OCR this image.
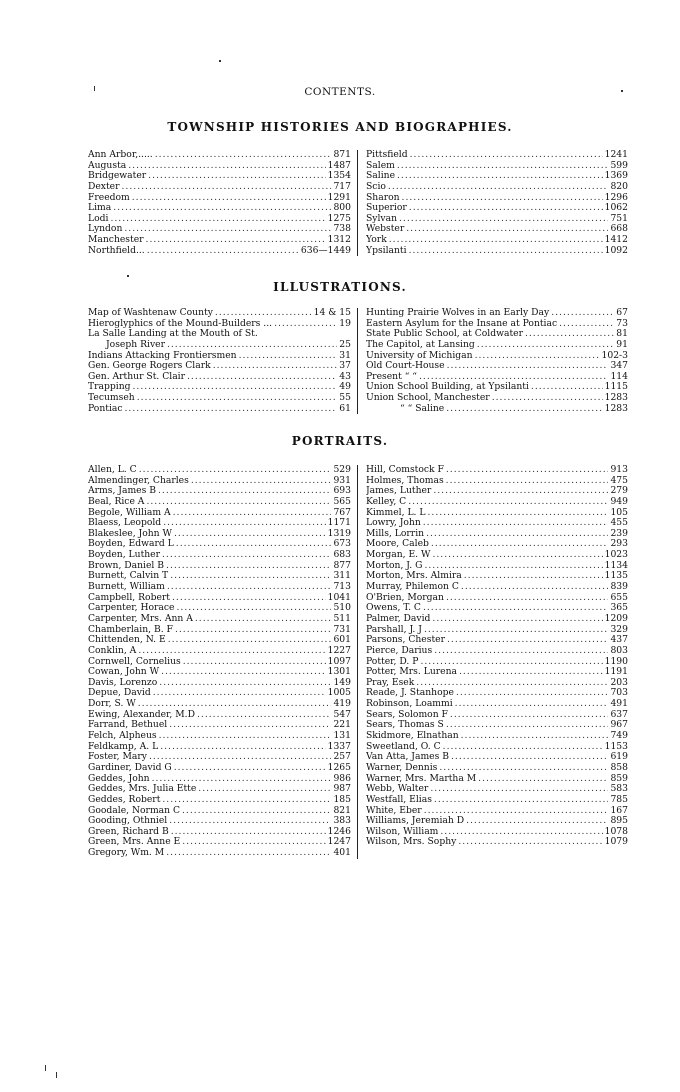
CONTENTS.
TOWNSHIP HISTORIES AND BIOGRAPHIES.
Ann Arbor,..... .....	871
Augusta .....	1487
Bridgewater .....	1354
Dexter .....	717
Freedom .....	1291
Lima .....	800
Lodi .....	1275
Lyndon .....	738
Manchester .....	1312
Northfield... .....	636—1449
Pittsfield .....	1241
Salem .....	599
Saline .....	1369
Scio .....	820
Sharon .....	1296
Superior .....	1062
Sylvan .....	751
Webster .....	668
York .....	1412
Ypsilanti .....	1092
ILLUSTRATIONS.
Map of Washtenaw County .....	14 & 15
Hieroglyphics of the Mound-Builders ... .....	19
La Salle Landing at the Mouth of St.
Joseph River .....	25
Indians Attacking Frontiersmen .....	31
Gen. George Rogers Clark .....	37
Gen. Arthur St. Clair .....	43
Trapping .....	49
Tecumseh .....	55
Pontiac .....	61
Hunting Prairie Wolves in an Early Day .....	67
Eastern Asylum for the Insane at Pontiac .....	73
State Public School, at Coldwater .....	81
The Capitol, at Lansing .....	91
University of Michigan .....	102-3
Old Court-House .....	347
Present “ “ .....	114
Union School Building, at Ypsilanti .....	1115
Union School, Manchester .....	1283
“ “ Saline .....	1283
PORTRAITS.
Allen, L. C .....	529
Almendinger, Charles .....	931
Arms, James B .....	693
Beal, Rice A .....	565
Begole, William A .....	767
Blaess, Leopold .....	1171
Blakeslee, John W .....	1319
Boyden, Edward L .....	673
Boyden, Luther .....	683
Brown, Daniel B .....	877
Burnett, Calvin T .....	311
Burnett, William .....	713
Campbell, Robert .....	1041
Carpenter, Horace .....	510
Carpenter, Mrs. Ann A .....	511
Chamberlain, B. F .....	731
Chittenden, N. E .....	601
Conklin, A .....	1227
Cornwell, Cornelius .....	1097
Cowan, John W .....	1301
Davis, Lorenzo .....	149
Depue, David .....	1005
Dorr, S. W .....	419
Ewing, Alexander, M.D .....	547
Farrand, Bethuel .....	221
Felch, Alpheus .....	131
Feldkamp, A. L .....	1337
Foster, Mary .....	257
Gardiner, David G .....	1265
Geddes, John .....	986
Geddes, Mrs. Julia Ette .....	987
Geddes, Robert .....	185
Goodale, Norman C .....	821
Gooding, Othniel .....	383
Green, Richard B .....	1246
Green, Mrs. Anne E .....	1247
Gregory, Wm. M .....	401
Hill, Comstock F .....	913
Holmes, Thomas .....	475
James, Luther .....	279
Kelley, C .....	949
Kimmel, L. L .....	105
Lowry, John .....	455
Mills, Lorrin .....	239
Moore, Caleb .....	293
Morgan, E. W .....	1023
Morton, J. G .....	1134
Morton, Mrs. Almira .....	1135
Murray, Philemon C .....	839
O'Brien, Morgan .....	655
Owens, T. C .....	365
Palmer, David .....	1209
Parshall, J. J .....	329
Parsons, Chester .....	437
Pierce, Darius .....	803
Potter, D. P .....	1190
Potter, Mrs. Lurena .....	1191
Pray, Esek .....	203
Reade, J. Stanhope .....	703
Robinson, Loammi .....	491
Sears, Solomon F .....	637
Sears, Thomas S .....	967
Skidmore, Elnathan .....	749
Sweetland, O. C .....	1153
Van Atta, James B .....	619
Warner, Dennis .....	858
Warner, Mrs. Martha M .....	859
Webb, Walter .....	583
Westfall, Elias .....	785
White, Eber .....	167
Williams, Jeremiah D .....	895
Wilson, William .....	1078
Wilson, Mrs. Sophy .....	1079
